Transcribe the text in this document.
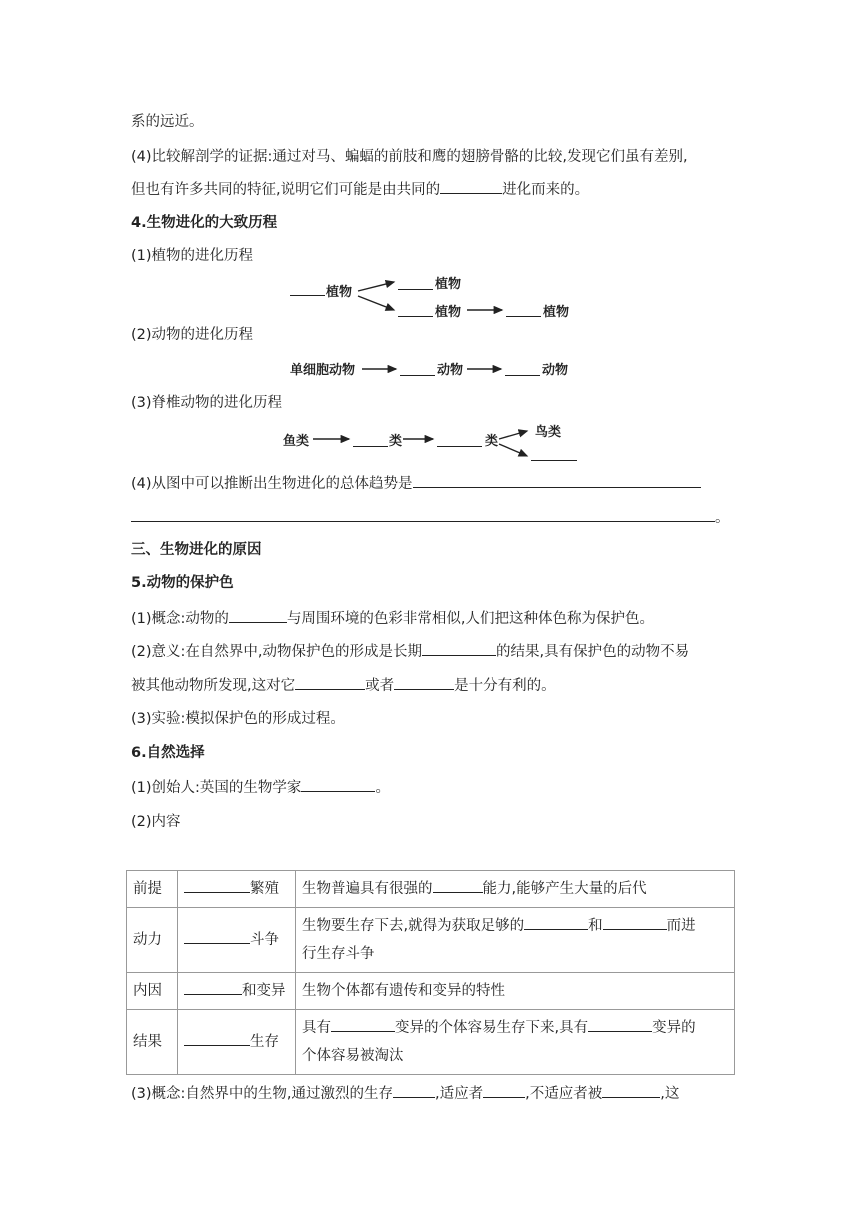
系的远近。
(4)比较解剖学的证据:通过对马、蝙蝠的前肢和鹰的翅膀骨骼的比较,发现它们虽有差别,
但也有许多共同的特征,说明它们可能是由共同的	进化而来的。
4.生物进化的大致历程
(1)植物的进化历程
植物
植物
植物	植物
(2)动物的进化历程
单细胞动物	动物	动物
(3)脊椎动物的进化历程
鱼类	类	类
鸟类
(4)从图中可以推断出生物进化的总体趋势是
。
三、生物进化的原因
5.动物的保护色
(1)概念:动物的	与周围环境的色彩非常相似,人们把这种体色称为保护色。
(2)意义:在自然界中,动物保护色的形成是长期	的结果,具有保护色的动物不易
被其他动物所发现,这对它	或者	是十分有利的。
(3)实验:模拟保护色的形成过程。
6.自然选择
(1)创始人:英国的生物学家	。
(2)内容
前提	繁殖	生物普遍具有很强的 能力,能够产生大量的后代
动力	斗争	生物要生存下去,就得为获取足够的 和 而进
行生存斗争
内因	和变异	生物个体都有遗传和变异的特性
结果	生存	具有 变异的个体容易生存下来,具有 变异的
个体容易被淘汰
(3)概念:自然界中的生物,通过激烈的生存	,适应者	,不适应者被	,这
